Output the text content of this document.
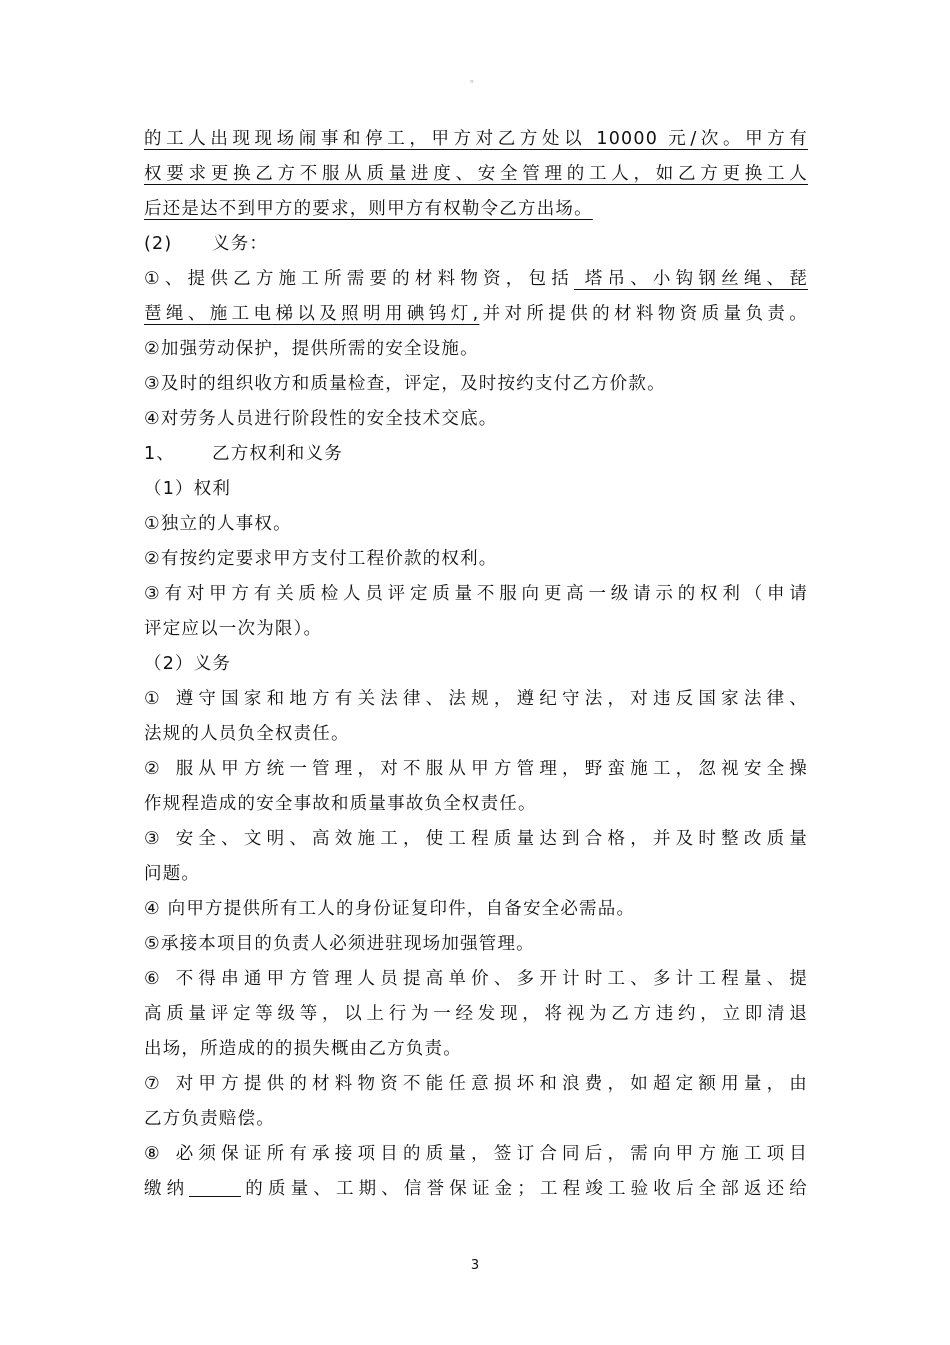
。
的工人出现现场闹事和停工，甲方对乙方处以 10000 元/次。甲方有
权要求更换乙方不服从质量进度、安全管理的工人，如乙方更换工人
后还是达不到甲方的要求，则甲方有权勒令乙方出场。
(2) 义务：
①、提供乙方施工所需要的材料物资，包括 塔吊、小钩钢丝绳、琵
琶绳、施工电梯以及照明用碘钨灯,并对所提供的材料物资质量负责。
②加强劳动保护，提供所需的安全设施。
③及时的组织收方和质量检查，评定，及时按约支付乙方价款。
④对劳务人员进行阶段性的安全技术交底。
1、 乙方权利和义务
（1）权利
①独立的人事权。
②有按约定要求甲方支付工程价款的权利。
③有对甲方有关质检人员评定质量不服向更高一级请示的权利（申请
评定应以一次为限）。
（2）义务
① 遵守国家和地方有关法律、法规，遵纪守法，对违反国家法律、
法规的人员负全权责任。
② 服从甲方统一管理，对不服从甲方管理，野蛮施工，忽视安全操
作规程造成的安全事故和质量事故负全权责任。
③ 安全、文明、高效施工，使工程质量达到合格，并及时整改质量
问题。
④ 向甲方提供所有工人的身份证复印件，自备安全必需品。
⑤承接本项目的负责人必须进驻现场加强管理。
⑥ 不得串通甲方管理人员提高单价、多开计时工、多计工程量、提
高质量评定等级等，以上行为一经发现，将视为乙方违约，立即清退
出场，所造成的的损失概由乙方负责。
⑦ 对甲方提供的材料物资不能任意损坏和浪费，如超定额用量，由
乙方负责赔偿。
⑧ 必须保证所有承接项目的质量，签订合同后，需向甲方施工项目
缴纳	的质量、工期、信誉保证金；工程竣工验收后全部返还给
3
